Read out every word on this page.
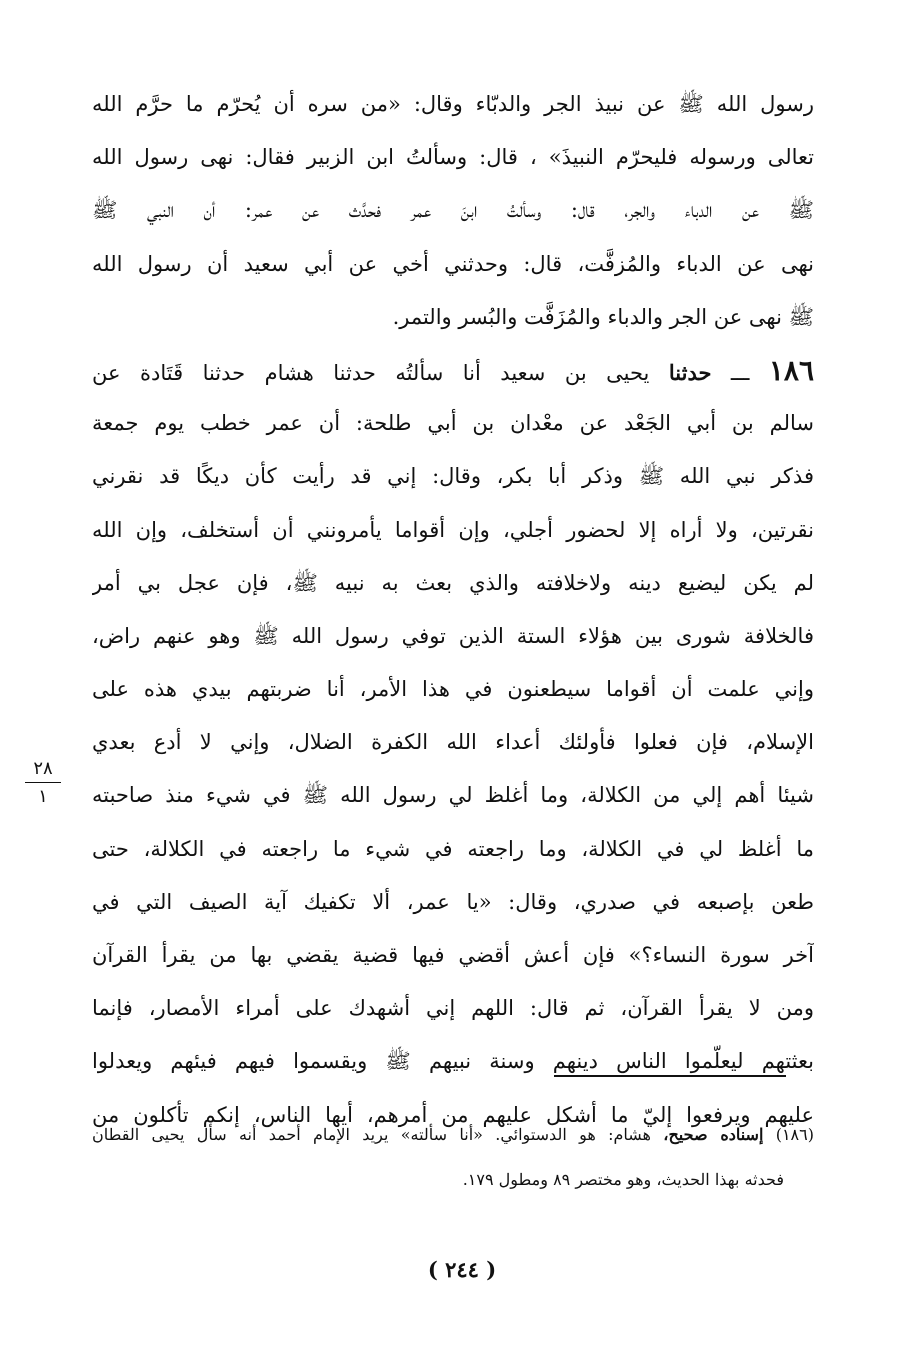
رسول الله ﷺ عن نبيذ الجر والدبّاء وقال: «من سره أن يُحرّم ما حرَّم الله
تعالى ورسوله فليحرّم النبيذَ» ، قال: وسألتُ ابن الزبير فقال: نهى رسول الله
ﷺ عن الدباء والجر، قال: وسألتُ ابنَ عمر فحدَّث عن عمر: أن النبي ﷺ
نهى عن الدباء والمُزفَّت، قال: وحدثني أخي عن أبي سعيد أن رسول الله
ﷺ نهى عن الجر والدباء والمُزَفَّت والبُسر والتمر.
١٨٦ ـــ حدثنا يحيى بن سعيد أنا سألتُه حدثنا هشام حدثنا قَتَادة عن
سالم بن أبي الجَعْد عن معْدان بن أبي طلحة: أن عمر خطب يوم جمعة
فذكر نبي الله ﷺ وذكر أبا بكر، وقال: إني قد رأيت كأن ديكًا قد نقرني
نقرتين، ولا أراه إلا لحضور أجلي، وإن أقواما يأمرونني أن أستخلف، وإن الله
لم يكن ليضيع دينه ولاخلافته والذي بعث به نبيه ﷺ، فإن عجل بي أمر
فالخلافة شورى بين هؤلاء الستة الذين توفي رسول الله ﷺ وهو عنهم راض،
وإني علمت أن أقواما سيطعنون في هذا الأمر، أنا ضربتهم بيدي هذه على
الإسلام، فإن فعلوا فأولئك أعداء الله الكفرة الضلال، وإني لا أدع بعدي
شيئا أهم إلي من الكلالة، وما أغلظ لي رسول الله ﷺ في شيء منذ صاحبته
ما أغلظ لي في الكلالة، وما راجعته في شيء ما راجعته في الكلالة، حتى
طعن بإصبعه في صدري، وقال: «يا عمر، ألا تكفيك آية الصيف التي في
آخر سورة النساء؟» فإن أعش أقضي فيها قضية يقضي بها من يقرأ القرآن
ومن لا يقرأ القرآن، ثم قال: اللهم إني أشهدك على أمراء الأمصار، فإنما
بعثتهم ليعلّموا الناس دينهم وسنة نبيهم ﷺ ويقسموا فيهم فيئهم ويعدلوا
عليهم ويرفعوا إليّ ما أشكل عليهم من أمرهم، أيها الناس، إنكم تأكلون من
٢٨
١
(١٨٦) إسناده صحيح، هشام: هو الدستوائي. «أنا سألته» يريد الإمام أحمد أنه سأل يحيى القطان
فحدثه بهذا الحديث، وهو مختصر ٨٩ ومطول ١٧٩.
( ٢٤٤ )
